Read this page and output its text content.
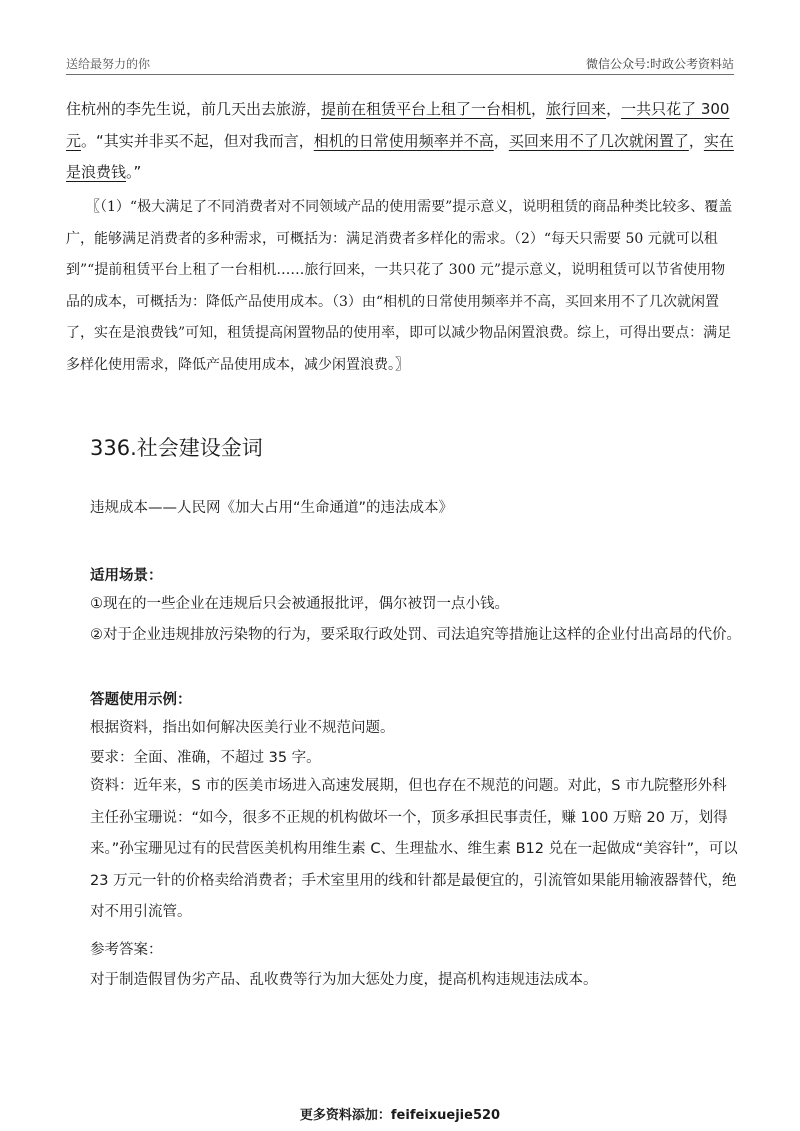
送给最努力的你	微信公众号:时政公考资料站
住杭州的李先生说，前几天出去旅游，提前在租赁平台上租了一台相机，旅行回来，一共只花了 300 元。“其实并非买不起，但对我而言，相机的日常使用频率并不高，买回来用不了几次就闲置了，实在是浪费钱。”
〖（1）“极大满足了不同消费者对不同领域产品的使用需要”提示意义，说明租赁的商品种类比较多、覆盖广，能够满足消费者的多种需求，可概括为：满足消费者多样化的需求。（2）“每天只需要 50 元就可以租到”“提前租赁平台上租了一台相机……旅行回来，一共只花了 300 元”提示意义，说明租赁可以节省使用物品的成本，可概括为：降低产品使用成本。（3）由“相机的日常使用频率并不高，买回来用不了几次就闲置了，实在是浪费钱”可知，租赁提高闲置物品的使用率，即可以减少物品闲置浪费。综上，可得出要点：满足多样化使用需求，降低产品使用成本，减少闲置浪费。〗
336.社会建设金词
违规成本——人民网《加大占用“生命通道”的违法成本》
适用场景：
①现在的一些企业在违规后只会被通报批评，偶尔被罚一点小钱。
②对于企业违规排放污染物的行为，要采取行政处罚、司法追究等措施让这样的企业付出高昂的代价。
答题使用示例：
根据资料，指出如何解决医美行业不规范问题。
要求：全面、准确，不超过 35 字。
资料：近年来，S 市的医美市场进入高速发展期，但也存在不规范的问题。对此，S 市九院整形外科主任孙宝珊说：“如今，很多不正规的机构做坏一个，顶多承担民事责任，赚 100 万赔 20 万，划得来。”孙宝珊见过有的民营医美机构用维生素 C、生理盐水、维生素 B12 兑在一起做成“美容针”，可以 23 万元一针的价格卖给消费者；手术室里用的线和针都是最便宜的，引流管如果能用输液器替代，绝对不用引流管。
参考答案：
对于制造假冒伪劣产品、乱收费等行为加大惩处力度，提高机构违规违法成本。
更多资料添加：feifeixuejie520
